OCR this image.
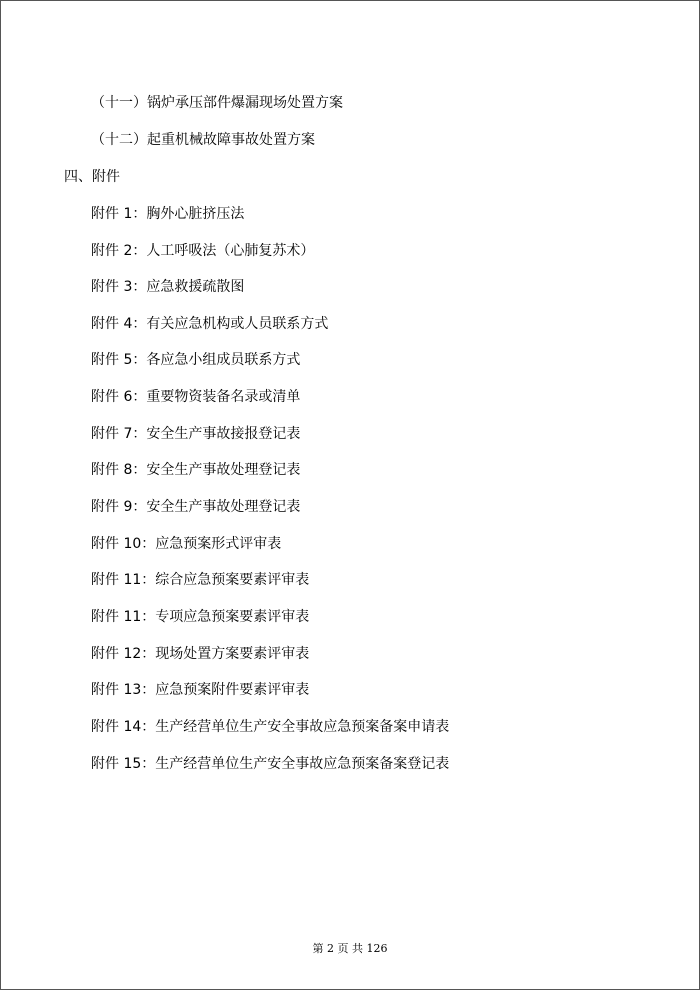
（十一）锅炉承压部件爆漏现场处置方案
（十二）起重机械故障事故处置方案
四、附件
附件 1：胸外心脏挤压法
附件 2：人工呼吸法（心肺复苏术）
附件 3：应急救援疏散图
附件 4：有关应急机构或人员联系方式
附件 5：各应急小组成员联系方式
附件 6：重要物资装备名录或清单
附件 7：安全生产事故接报登记表
附件 8：安全生产事故处理登记表
附件 9：安全生产事故处理登记表
附件 10：应急预案形式评审表
附件 11：综合应急预案要素评审表
附件 11：专项应急预案要素评审表
附件 12：现场处置方案要素评审表
附件 13：应急预案附件要素评审表
附件 14：生产经营单位生产安全事故应急预案备案申请表
附件 15：生产经营单位生产安全事故应急预案备案登记表
第 2 页 共 126
